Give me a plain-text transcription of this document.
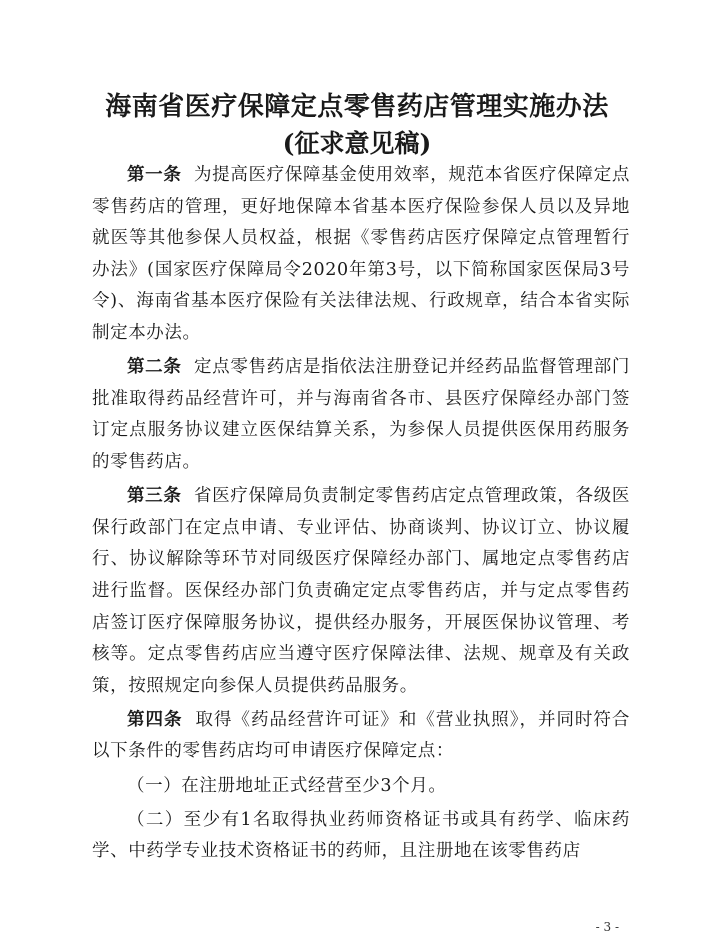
海南省医疗保障定点零售药店管理实施办法
(征求意见稿)

第一条 为提高医疗保障基金使用效率，规范本省医疗保障定点零售药店的管理，更好地保障本省基本医疗保险参保人员以及异地就医等其他参保人员权益，根据《零售药店医疗保障定点管理暂行办法》(国家医疗保障局令2020年第3号，以下简称国家医保局3号令)、海南省基本医疗保险有关法律法规、行政规章，结合本省实际制定本办法。

第二条 定点零售药店是指依法注册登记并经药品监督管理部门批准取得药品经营许可，并与海南省各市、县医疗保障经办部门签订定点服务协议建立医保结算关系，为参保人员提供医保用药服务的零售药店。

第三条 省医疗保障局负责制定零售药店定点管理政策，各级医保行政部门在定点申请、专业评估、协商谈判、协议订立、协议履行、协议解除等环节对同级医疗保障经办部门、属地定点零售药店进行监督。医保经办部门负责确定定点零售药店，并与定点零售药店签订医疗保障服务协议，提供经办服务，开展医保协议管理、考核等。定点零售药店应当遵守医疗保障法律、法规、规章及有关政策，按照规定向参保人员提供药品服务。

第四条 取得《药品经营许可证》和《营业执照》，并同时符合以下条件的零售药店均可申请医疗保障定点：

（一）在注册地址正式经营至少3个月。

（二）至少有1名取得执业药师资格证书或具有药学、临床药学、中药学专业技术资格证书的药师，且注册地在该零售药店

- 3 -
